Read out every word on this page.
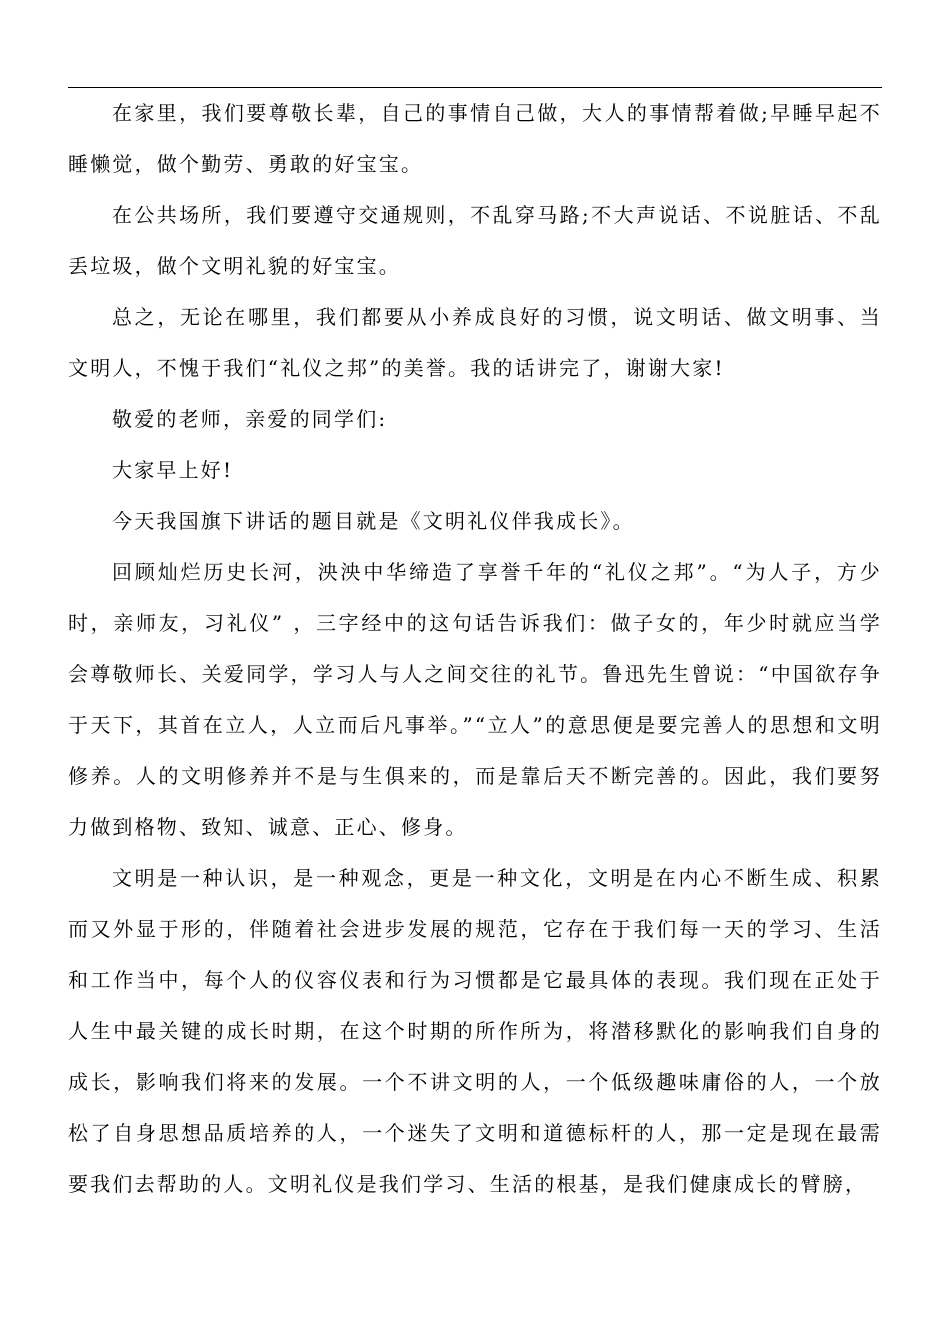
在家里，我们要尊敬长辈，自己的事情自己做，大人的事情帮着做;早睡早起不睡懒觉，做个勤劳、勇敢的好宝宝。

在公共场所，我们要遵守交通规则，不乱穿马路;不大声说话、不说脏话、不乱丢垃圾，做个文明礼貌的好宝宝。

总之，无论在哪里，我们都要从小养成良好的习惯，说文明话、做文明事、当文明人，不愧于我们“礼仪之邦”的美誉。我的话讲完了，谢谢大家!

敬爱的老师，亲爱的同学们:

大家早上好!

今天我国旗下讲话的题目就是《文明礼仪伴我成长》。

回顾灿烂历史长河，泱泱中华缔造了享誉千年的“礼仪之邦”。“为人子，方少时，亲师友，习礼仪” ，三字经中的这句话告诉我们：做子女的，年少时就应当学会尊敬师长、关爱同学，学习人与人之间交往的礼节。鲁迅先生曾说：“中国欲存争于天下，其首在立人，人立而后凡事举。”“立人”的意思便是要完善人的思想和文明修养。人的文明修养并不是与生俱来的，而是靠后天不断完善的。因此，我们要努力做到格物、致知、诚意、正心、修身。

文明是一种认识，是一种观念，更是一种文化，文明是在内心不断生成、积累而又外显于形的，伴随着社会进步发展的规范，它存在于我们每一天的学习、生活和工作当中，每个人的仪容仪表和行为习惯都是它最具体的表现。我们现在正处于人生中最关键的成长时期，在这个时期的所作所为，将潜移默化的影响我们自身的成长，影响我们将来的发展。一个不讲文明的人，一个低级趣味庸俗的人，一个放松了自身思想品质培养的人，一个迷失了文明和道德标杆的人，那一定是现在最需要我们去帮助的人。文明礼仪是我们学习、生活的根基，是我们健康成长的臂膀，
